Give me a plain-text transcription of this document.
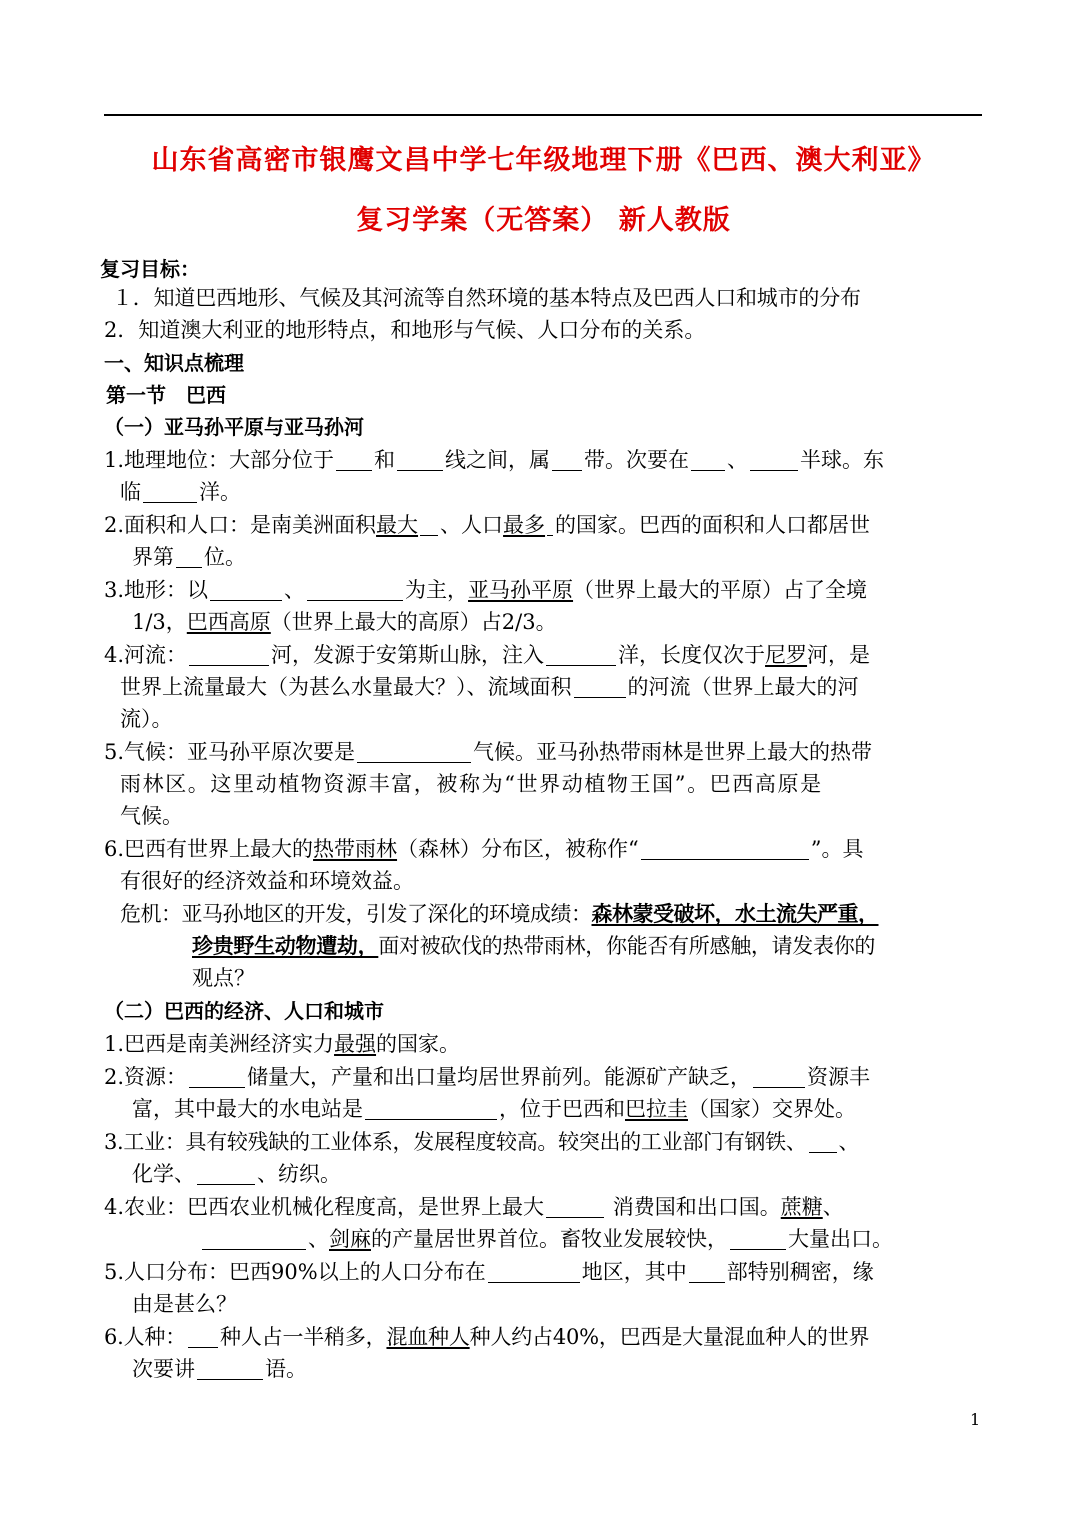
山东省高密市银鹰文昌中学七年级地理下册《巴西、澳大利亚》
复习学案（无答案） 新人教版
复习目标：
１．知道巴西地形、气候及其河流等自然环境的基本特点及巴西人口和城市的分布
2．知道澳大利亚的地形特点，和地形与气候、人口分布的关系。
一、知识点梳理
第一节　巴西
（一）亚马孙平原与亚马孙河
1.地理地位：大部分位于 和 线之间，属 带。次要在 、 半球。东
临	洋。
2.面积和人口：是南美洲面积最大 、人口最多 的国家。巴西的面积和人口都居世
界第 位。
3.地形：以	、	为主，亚马孙平原（世界上最大的平原）占了全境
1/3，巴西高原（世界上最大的高原）占2/3。
4.河流：	河，发源于安第斯山脉，注入	洋，长度仅次于尼罗河，是
世界上流量最大（为甚么水量最大？）、流域面积	的河流（世界上最大的河
流）。
5.气候：亚马孙平原次要是	气候。亚马孙热带雨林是世界上最大的热带
雨林区。这里动植物资源丰富，被称为“世界动植物王国”。巴西高原是
气候。
6.巴西有世界上最大的热带雨林（森林）分布区，被称作“	”。具
有很好的经济效益和环境效益。
危机：亚马孙地区的开发，引发了深化的环境成绩：森林蒙受破坏，水土流失严重，
珍贵野生动物遭劫，面对被砍伐的热带雨林，你能否有所感触，请发表你的
观点？
（二）巴西的经济、人口和城市
1.巴西是南美洲经济实力最强的国家。
2.资源：	储量大，产量和出口量均居世界前列。能源矿产缺乏，	资源丰
富，其中最大的水电站是	，位于巴西和巴拉圭（国家）交界处。
3.工业：具有较残缺的工业体系，发展程度较高。较突出的工业部门有钢铁、 、
化学、	、纺织。
4.农业：巴西农业机械化程度高，是世界上最大	消费国和出口国。蔗糖、
、剑麻的产量居世界首位。畜牧业发展较快，	大量出口。
5.人口分布：巴西90%以上的人口分布在	地区，其中 部特别稠密，缘
由是甚么？
6.人种： 种人占一半稍多，混血种人种人约占40%，巴西是大量混血种人的世界
次要讲	语。
1
